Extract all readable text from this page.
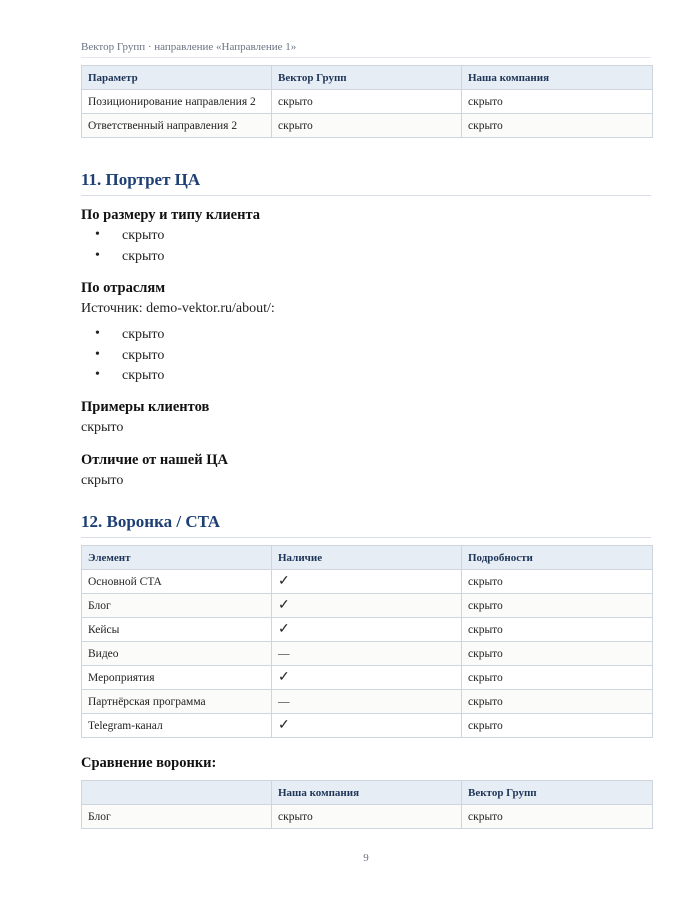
Вектор Групп · направление «Направление 1»
Параметр	Вектор Групп	Наша компания
Позиционирование направления 2	скрыто	скрыто
Ответственный направления 2	скрыто	скрыто
11. Портрет ЦА
По размеру и типу клиента
• скрыто
• скрыто
По отраслям

Источник: demo-vektor.ru/about/:

• скрыто
• скрыто
• скрыто
Примеры клиентов

скрыто

Отличие от нашей ЦА

скрыто

12. Воронка / CTA
Элемент	Наличие	Подробности
Основной CTA	✓	скрыто
Блог	✓	скрыто
Кейсы	✓	скрыто
Видео	—	скрыто
Мероприятия	✓	скрыто
Партнёрская программа	—	скрыто
Telegram-канал	✓	скрыто
Сравнение воронки:
	Наша компания	Вектор Групп
Блог	скрыто	скрыто
9
